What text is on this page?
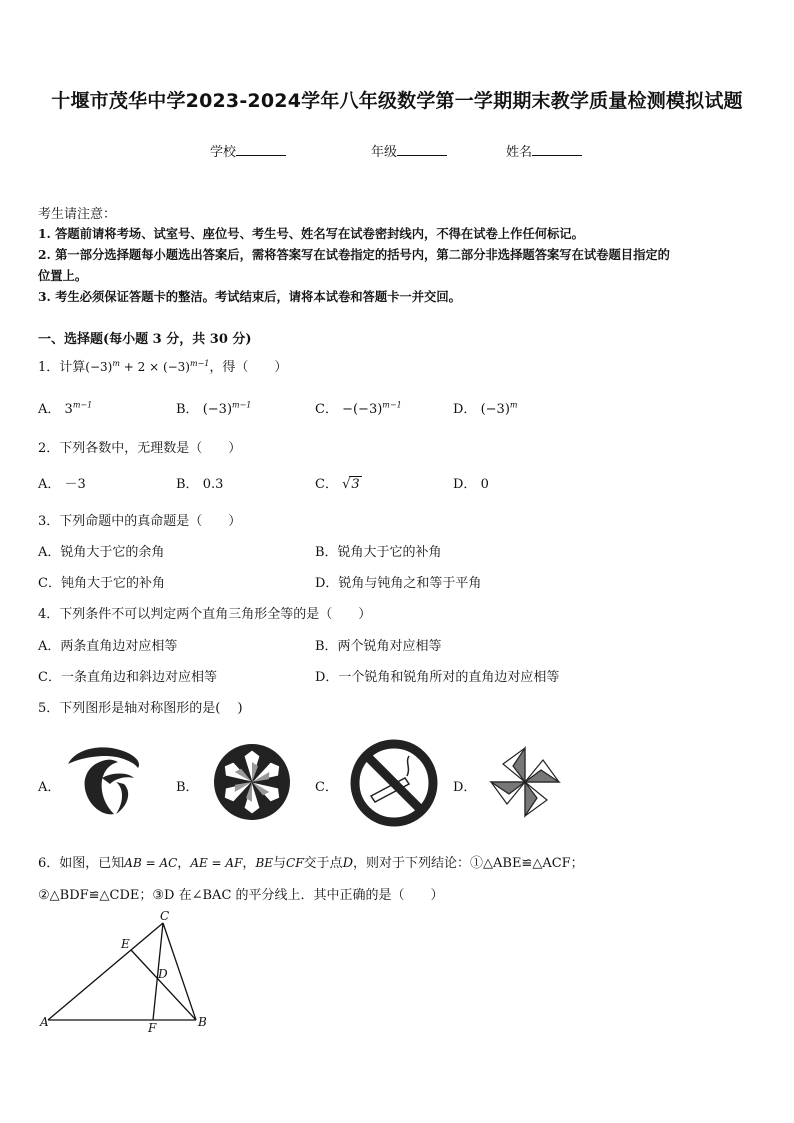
十堰市茂华中学2023-2024学年八年级数学第一学期期末教学质量检测模拟试题
学校	年级	姓名
考生请注意：
1. 答题前请将考场、试室号、座位号、考生号、姓名写在试卷密封线内，不得在试卷上作任何标记。
2. 第一部分选择题每小题选出答案后，需将答案写在试卷指定的括号内，第二部分非选择题答案写在试卷题目指定的
位置上。
3. 考生必须保证答题卡的整洁。考试结束后，请将本试卷和答题卡一并交回。
一、选择题(每小题 3 分，共 30 分)
1．计算$(-3)^m + 2 \times (-3)^{m-1}$，得（　　）
A． $3^{m-1}$	B． $(-3)^{m-1}$	C． $-(-3)^{m-1}$	D． $(-3)^m$
2．下列各数中，无理数是（　　）
A． －3	B． 0.3	C． √3	D． 0
3．下列命题中的真命题是（　　）
A．锐角大于它的余角	B．锐角大于它的补角
C．钝角大于它的补角	D．锐角与钝角之和等于平角
4．下列条件不可以判定两个直角三角形全等的是（　　）
A．两条直角边对应相等	B．两个锐角对应相等
C．一条直角边和斜边对应相等	D．一个锐角和锐角所对的直角边对应相等
5．下列图形是轴对称图形的是(　 )
A．	B．	C．	D．
6．如图，已知AB = AC，AE = AF，BE与CF交于点D，则对于下列结论：①△ABE≌△ACF；
②△BDF≌△CDE；③D 在∠BAC 的平分线上．其中正确的是（　　）
A	B
C
D
E
F
